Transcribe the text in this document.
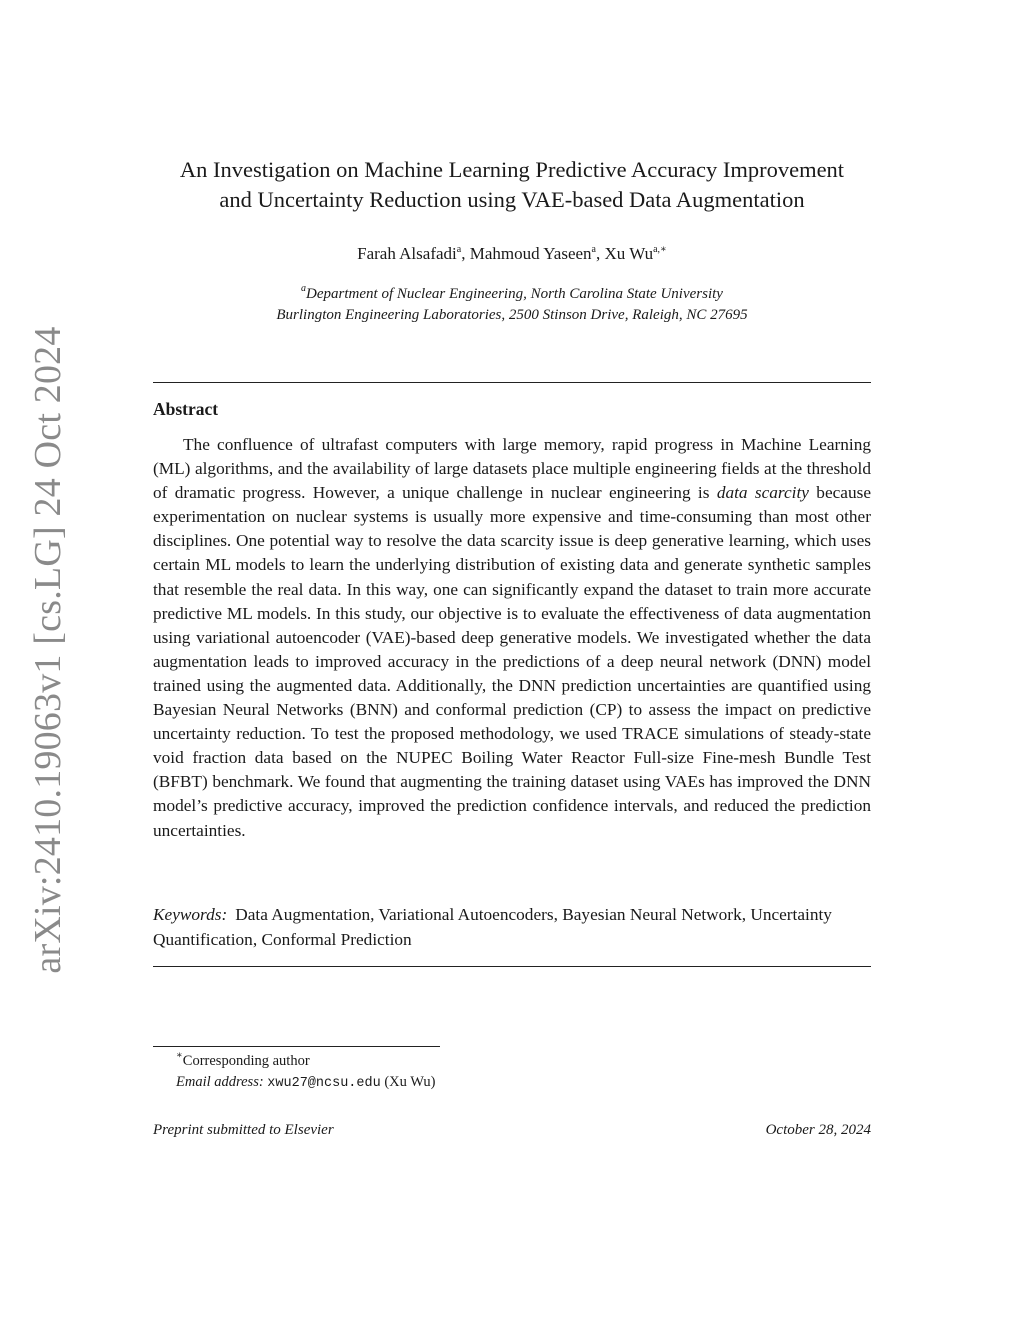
arXiv:2410.19063v1 [cs.LG] 24 Oct 2024
An Investigation on Machine Learning Predictive Accuracy Improvement
and Uncertainty Reduction using VAE-based Data Augmentation
Farah Alsafadi$^a$, Mahmoud Yaseen$^a$, Xu $Wu^{a,∗}$
$^a$Department of Nuclear Engineering, North Carolina State University
Burlington Engineering Laboratories, 2500 Stinson Drive, Raleigh, NC 27695
Abstract

The confluence of ultrafast computers with large memory, rapid progress in Machine Learning (ML) algorithms, and the availability of large datasets place multiple engineering fields at the threshold of dramatic progress. However, a unique challenge in nuclear engineering is data scarcity because experimentation on nuclear systems is usually more expensive and time-consuming than most other disciplines. One potential way to resolve the data scarcity issue is deep generative learning, which uses certain ML models to learn the underlying distribution of existing data and generate synthetic samples that resemble the real data. In this way, one can significantly expand the dataset to train more accurate predictive ML models. In this study, our objective is to evaluate the effectiveness of data augmentation using variational autoencoder (VAE)-based deep generative models. We investigated whether the data augmentation leads to improved accuracy in the predictions of a deep neural network (DNN) model trained using the augmented data. Additionally, the DNN prediction uncertainties are quantified using Bayesian Neural Networks (BNN) and conformal prediction (CP) to assess the impact on predictive uncertainty reduction. To test the proposed methodology, we used TRACE simulations of steady-state void fraction data based on the NUPEC Boiling Water Reactor Full-size Fine-mesh Bundle Test (BFBT) benchmark. We found that augmenting the training dataset using VAEs has improved the DNN model’s predictive accuracy, improved the prediction confidence intervals, and reduced the prediction uncertainties.

Keywords: Data Augmentation, Variational Autoencoders, Bayesian Neural Network, Uncertainty Quantification, Conformal Prediction
∗Corresponding author
Email address: xwu27@ncsu.edu (Xu Wu)
Preprint submitted to Elsevier	October 28, 2024
